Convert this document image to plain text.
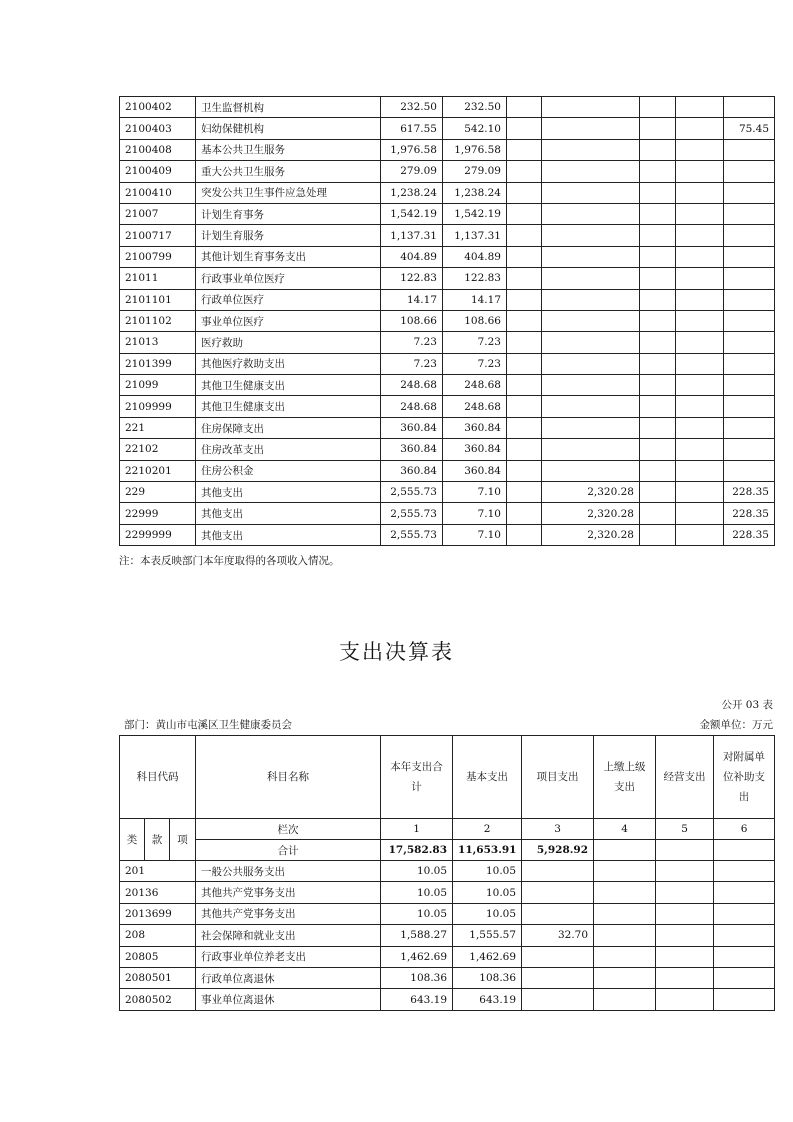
2100402	卫生监督机构	232.50	232.50					
2100403	妇幼保健机构	617.55	542.10					75.45
2100408	基本公共卫生服务	1,976.58	1,976.58					
2100409	重大公共卫生服务	279.09	279.09					
2100410	突发公共卫生事件应急处理	1,238.24	1,238.24					
21007	计划生育事务	1,542.19	1,542.19					
2100717	计划生育服务	1,137.31	1,137.31					
2100799	其他计划生育事务支出	404.89	404.89					
21011	行政事业单位医疗	122.83	122.83					
2101101	行政单位医疗	14.17	14.17					
2101102	事业单位医疗	108.66	108.66					
21013	医疗救助	7.23	7.23					
2101399	其他医疗救助支出	7.23	7.23					
21099	其他卫生健康支出	248.68	248.68					
2109999	其他卫生健康支出	248.68	248.68					
221	住房保障支出	360.84	360.84					
22102	住房改革支出	360.84	360.84					
2210201	住房公积金	360.84	360.84					
229	其他支出	2,555.73	7.10		2,320.28			228.35
22999	其他支出	2,555.73	7.10		2,320.28			228.35
2299999	其他支出	2,555.73	7.10		2,320.28			228.35
注：本表反映部门本年度取得的各项收入情况。
支出决算表
公开 03 表
部门：黄山市屯溪区卫生健康委员会	金额单位：万元
科目代码			科目名称	本年支出合计	基本支出	项目支出	上缴上级支出	经营支出	对附属单位补助支出
类	款	项	栏次	1	2	3	4	5	6
			合计	17,582.83	11,653.91	5,928.92			
201			一般公共服务支出	10.05	10.05				
20136			其他共产党事务支出	10.05	10.05				
2013699			其他共产党事务支出	10.05	10.05				
208			社会保障和就业支出	1,588.27	1,555.57	32.70			
20805			行政事业单位养老支出	1,462.69	1,462.69				
2080501			行政单位离退休	108.36	108.36				
2080502			事业单位离退休	643.19	643.19				
